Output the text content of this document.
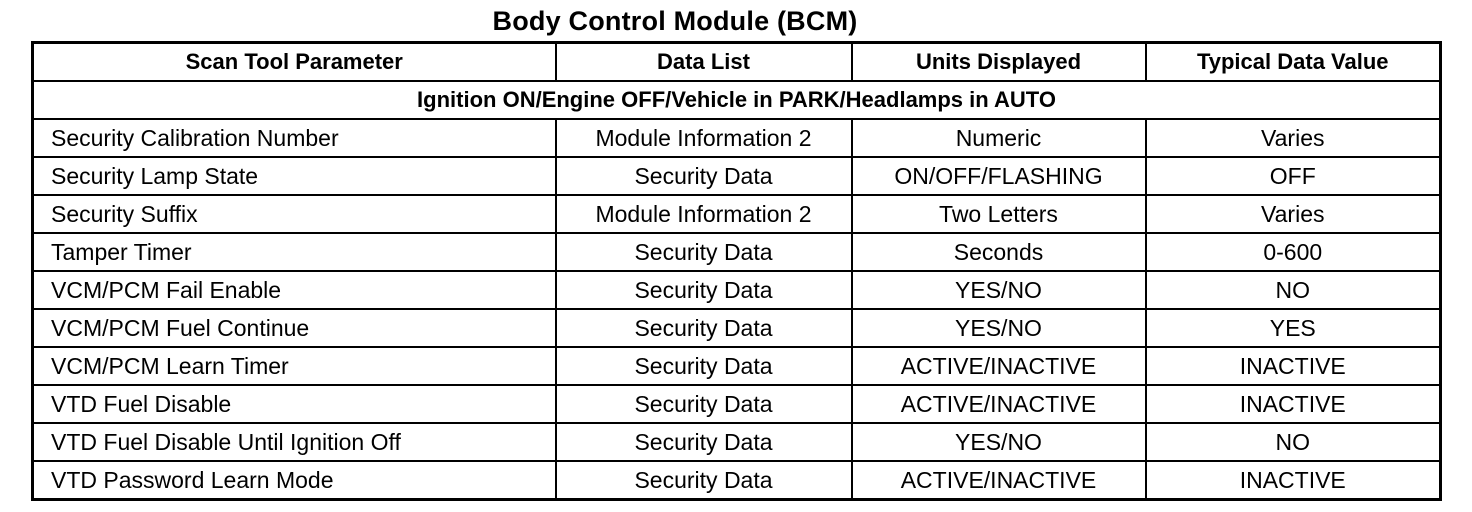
Body Control Module (BCM)
Scan Tool Parameter	Data List	Units Displayed	Typical Data Value
Ignition ON/Engine OFF/Vehicle in PARK/Headlamps in AUTO			
Security Calibration Number	Module Information 2	Numeric	Varies
Security Lamp State	Security Data	ON/OFF/FLASHING	OFF
Security Suffix	Module Information 2	Two Letters	Varies
Tamper Timer	Security Data	Seconds	0-600
VCM/PCM Fail Enable	Security Data	YES/NO	NO
VCM/PCM Fuel Continue	Security Data	YES/NO	YES
VCM/PCM Learn Timer	Security Data	ACTIVE/INACTIVE	INACTIVE
VTD Fuel Disable	Security Data	ACTIVE/INACTIVE	INACTIVE
VTD Fuel Disable Until Ignition Off	Security Data	YES/NO	NO
VTD Password Learn Mode	Security Data	ACTIVE/INACTIVE	INACTIVE
